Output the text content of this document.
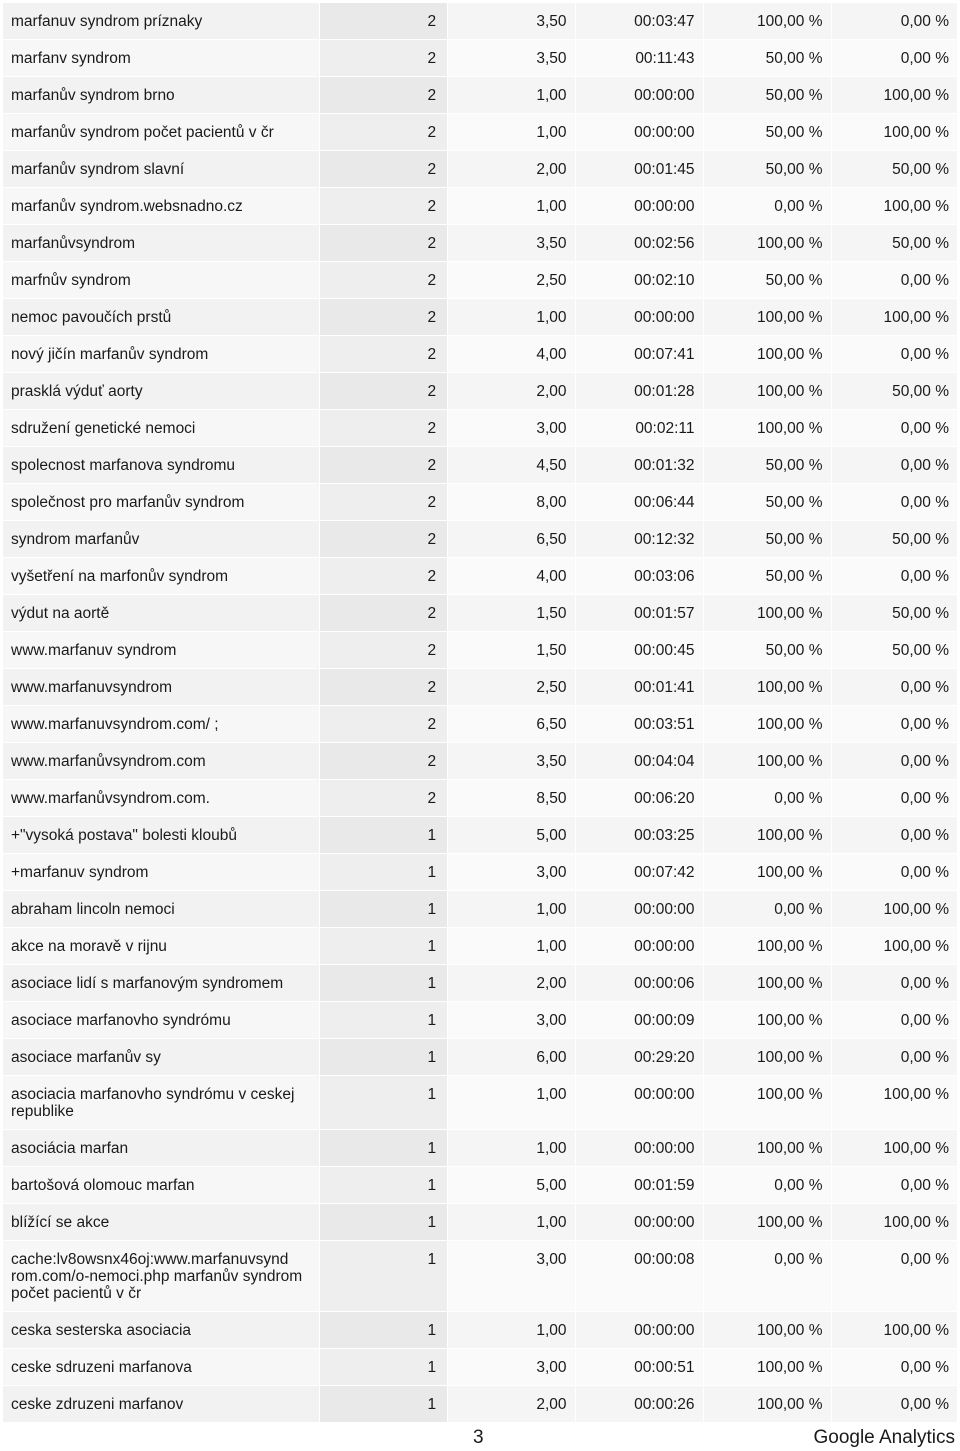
marfanuv syndrom príznaky	2	3,50	00:03:47	100,00 %	0,00 %
marfanv syndrom	2	3,50	00:11:43	50,00 %	0,00 %
marfanův syndrom brno	2	1,00	00:00:00	50,00 %	100,00 %
marfanův syndrom počet pacientů v čr	2	1,00	00:00:00	50,00 %	100,00 %
marfanův syndrom slavní	2	2,00	00:01:45	50,00 %	50,00 %
marfanův syndrom.websnadno.cz	2	1,00	00:00:00	0,00 %	100,00 %
marfanůvsyndrom	2	3,50	00:02:56	100,00 %	50,00 %
marfnův syndrom	2	2,50	00:02:10	50,00 %	0,00 %
nemoc pavoučích prstů	2	1,00	00:00:00	100,00 %	100,00 %
nový jičín marfanův syndrom	2	4,00	00:07:41	100,00 %	0,00 %
prasklá výduť aorty	2	2,00	00:01:28	100,00 %	50,00 %
sdružení genetické nemoci	2	3,00	00:02:11	100,00 %	0,00 %
spolecnost marfanova syndromu	2	4,50	00:01:32	50,00 %	0,00 %
společnost pro marfanův syndrom	2	8,00	00:06:44	50,00 %	0,00 %
syndrom marfanův	2	6,50	00:12:32	50,00 %	50,00 %
vyšetření na marfonův syndrom	2	4,00	00:03:06	50,00 %	0,00 %
výdut na aortě	2	1,50	00:01:57	100,00 %	50,00 %
www.marfanuv syndrom	2	1,50	00:00:45	50,00 %	50,00 %
www.marfanuvsyndrom	2	2,50	00:01:41	100,00 %	0,00 %
www.marfanuvsyndrom.com/ ;	2	6,50	00:03:51	100,00 %	0,00 %
www.marfanůvsyndrom.com	2	3,50	00:04:04	100,00 %	0,00 %
www.marfanůvsyndrom.com.	2	8,50	00:06:20	0,00 %	0,00 %
+"vysoká postava" bolesti kloubů	1	5,00	00:03:25	100,00 %	0,00 %
+marfanuv syndrom	1	3,00	00:07:42	100,00 %	0,00 %
abraham lincoln nemoci	1	1,00	00:00:00	0,00 %	100,00 %
akce na moravě v rijnu	1	1,00	00:00:00	100,00 %	100,00 %
asociace lidí s marfanovým syndromem	1	2,00	00:00:06	100,00 %	0,00 %
asociace marfanovho syndrómu	1	3,00	00:00:09	100,00 %	0,00 %
asociace marfanův sy	1	6,00	00:29:20	100,00 %	0,00 %
asociacia marfanovho syndrómu v ceskej republike	1	1,00	00:00:00	100,00 %	100,00 %
asociácia marfan	1	1,00	00:00:00	100,00 %	100,00 %
bartošová olomouc marfan	1	5,00	00:01:59	0,00 %	0,00 %
blížící se akce	1	1,00	00:00:00	100,00 %	100,00 %
cache:lv8owsnx46oj:www.marfanuvsynd rom.com/o-nemoci.php marfanův syndrom počet pacientů v čr	1	3,00	00:00:08	0,00 %	0,00 %
ceska sesterska asociacia	1	1,00	00:00:00	100,00 %	100,00 %
ceske sdruzeni marfanova	1	3,00	00:00:51	100,00 %	0,00 %
ceske zdruzeni marfanov	1	2,00	00:00:26	100,00 %	0,00 %
3	Google Analytics
